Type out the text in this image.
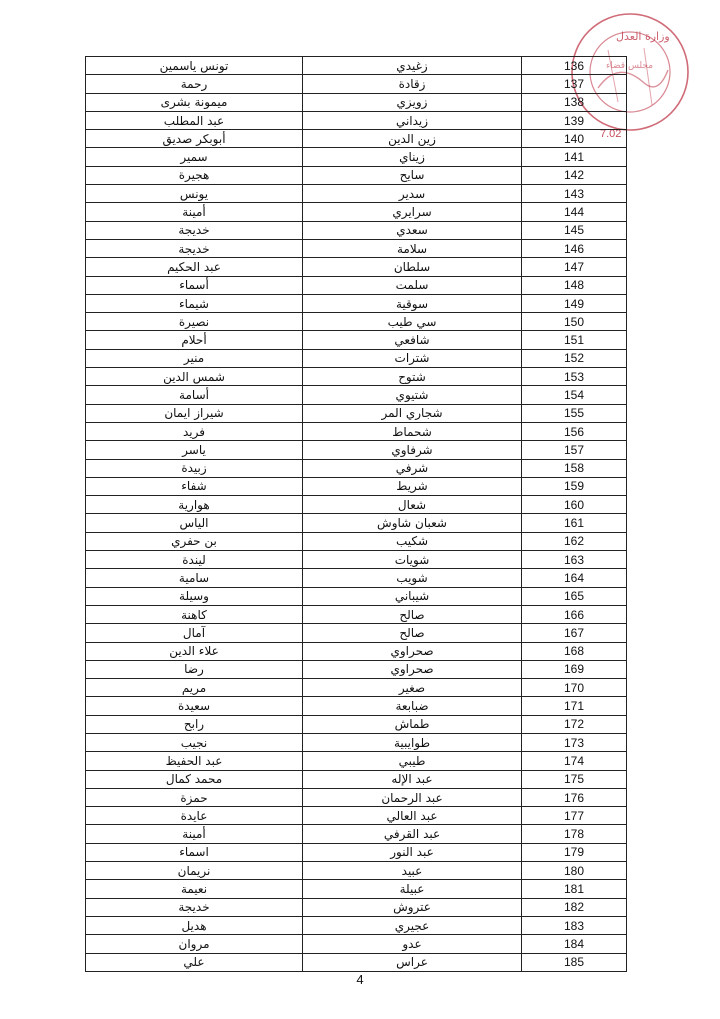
وزارة العدل
مجلس قضاء
7.02
تونس ياسمين	زغيدي	136
رحمة	زقادة	137
ميمونة بشرى	زويزي	138
عبد المطلب	زيداني	139
أبوبكر صديق	زين الدين	140
سمير	زيناي	141
هجيرة	سايح	142
يونس	سدير	143
أمينة	سرايري	144
خديجة	سعدي	145
خديجة	سلامة	146
عبد الحكيم	سلطان	147
أسماء	سلمت	148
شيماء	سوقية	149
نصيرة	سي طيب	150
أحلام	شافعي	151
منير	شترات	152
شمس الدين	شتوح	153
أسامة	شتيوي	154
شيراز ايمان	شجاري المر	155
فريد	شحماط	156
ياسر	شرفاوي	157
زبيدة	شرفي	158
شفاء	شريط	159
هوارية	شعال	160
الياس	شعبان شاوش	161
بن حفري	شكيب	162
ليندة	شويات	163
سامية	شويب	164
وسيلة	شيباني	165
كاهنة	صالح	166
آمال	صالح	167
علاء الدين	صحراوي	168
رضا	صحراوي	169
مريم	صغير	170
سعيدة	ضبابعة	171
رابح	طماش	172
نجيب	طوايبية	173
عبد الحفيظ	طيبي	174
محمد كمال	عبد الإله	175
حمزة	عبد الرحمان	176
عايدة	عبد العالي	177
أمينة	عبد القرفي	178
اسماء	عبد النور	179
نريمان	عبيد	180
نعيمة	عبيلة	181
خديجة	عتروش	182
هديل	عجيري	183
مروان	عدو	184
علي	عراس	185
4
